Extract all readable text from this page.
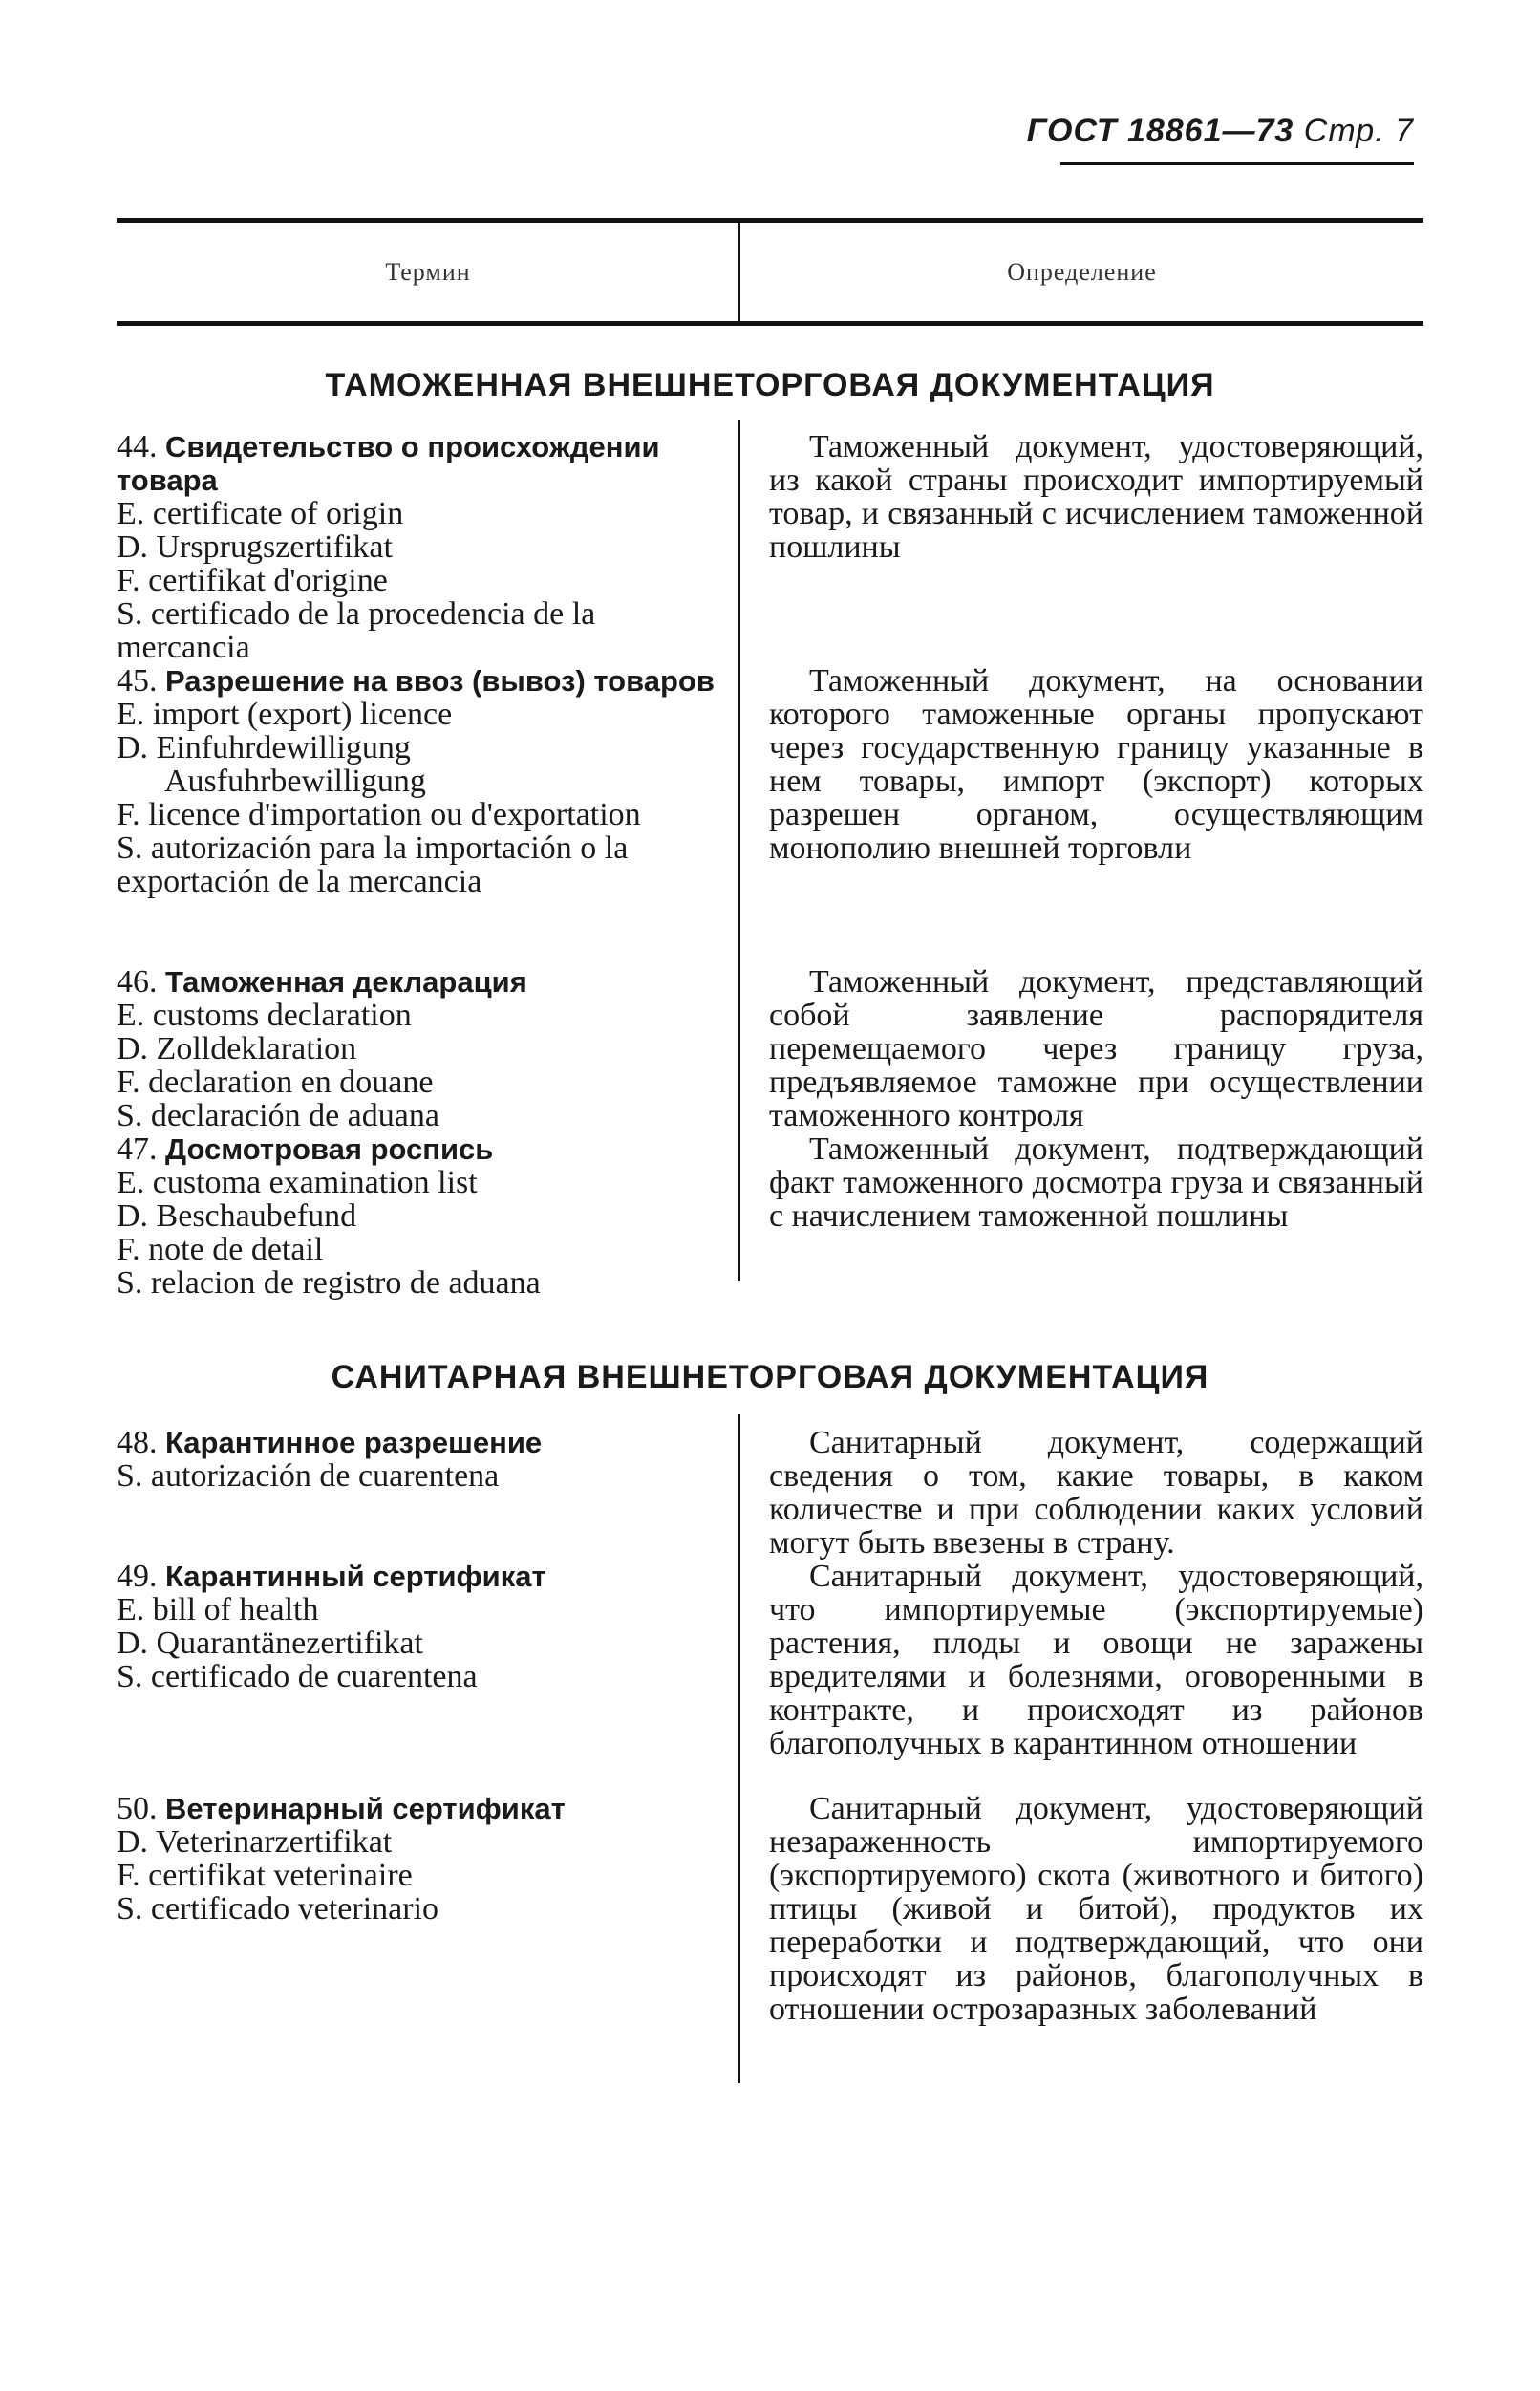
ГОСТ 18861—73 Стр. 7
Термин	Определение
ТАМОЖЕННАЯ ВНЕШНЕТОРГОВАЯ ДОКУМЕНТАЦИЯ
44. Свидетельство о происхождении товара
E. certificate of origin
D. Ursprugszertifikat
F. certifikat d'origine
S. certificado de la procedencia de la mercancia

Таможенный документ, удостоверяющий, из какой страны происходит импортируемый товар, и связанный с исчислением таможенной пошлины

45. Разрешение на ввоз (вывоз) товаров
E. import (export) licence
D. Einfuhrdewilligung
Ausfuhrbewilligung
F. licence d'importation ou d'exportation
S. autorización para la importación o la exportación de la mercancia

Таможенный документ, на основании которого таможенные органы пропускают через государственную границу указанные в нем товары, импорт (экспорт) которых разрешен органом, осуществляющим монополию внешней торговли

46. Таможенная декларация
E. customs declaration
D. Zolldeklaration
F. declaration en douane
S. declaración de aduana

Таможенный документ, представляющий собой заявление распорядителя перемещаемого через границу груза, предъявляемое таможне при осуществлении таможенного контроля

47. Досмотровая роспись
E. customa examination list
D. Beschaubefund
F. note de detail
S. relacion de registro de aduana

Таможенный документ, подтверждающий факт таможенного досмотра груза и связанный с начислением таможенной пошлины

САНИТАРНАЯ ВНЕШНЕТОРГОВАЯ ДОКУМЕНТАЦИЯ
48. Карантинное разрешение
S. autorización de cuarentena

Санитарный документ, содержащий сведения о том, какие товары, в каком количестве и при соблюдении каких условий могут быть ввезены в страну.

49. Карантинный сертификат
E. bill of health
D. Quarantänezertifikat
S. certificado de cuarentena

Санитарный документ, удостоверяющий, что импортируемые (экспортируемые) растения, плоды и овощи не заражены вредителями и болезнями, оговоренными в контракте, и происходят из районов благополучных в карантинном отношении

50. Ветеринарный сертификат
D. Veterinarzertifikat
F. certifikat veterinaire
S. certificado veterinario

Санитарный документ, удостоверяющий незараженность импортируемого (экспортируемого) скота (животного и битого) птицы (живой и битой), продуктов их переработки и подтверждающий, что они происходят из районов, благополучных в отношении острозаразных заболеваний
